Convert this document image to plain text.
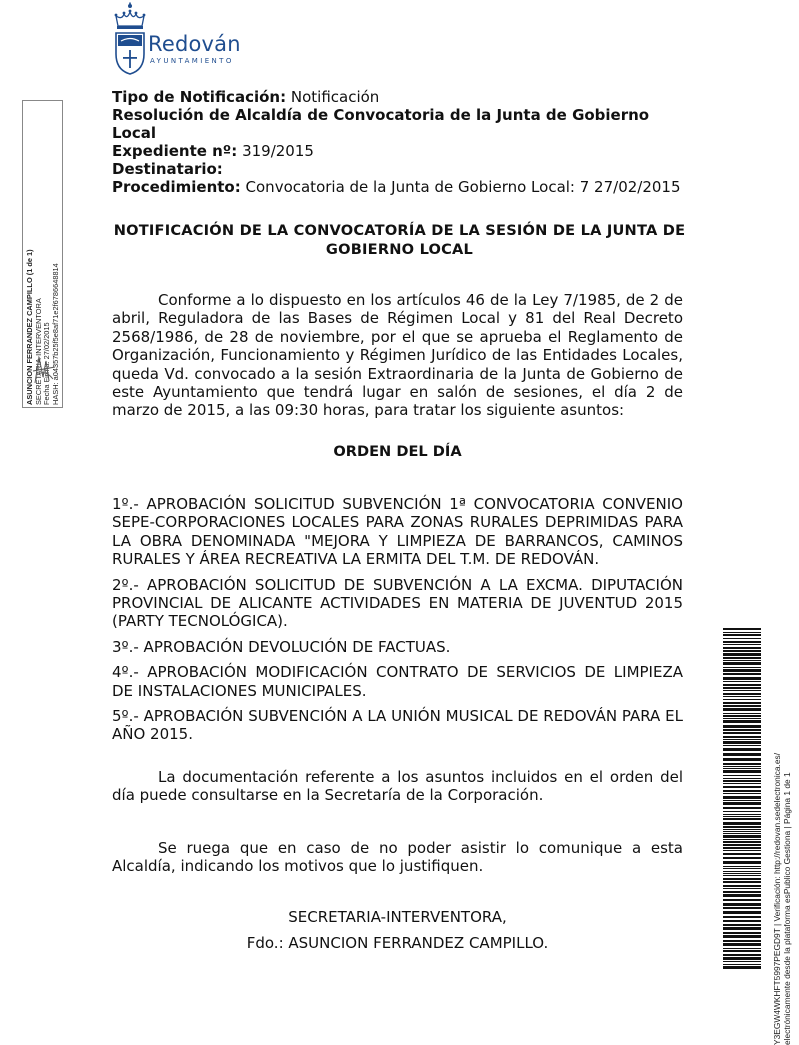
Redován
AYUNTAMIENTO
ASUNCION FERRANDEZ CAMPILLO (1 de 1) SECRETARIA-INTERVENTORA Fecha Firma: 27/02/2015 HASH: a04357b25f5e8af71e2f6786648814
Tipo de Notificación: Notificación
Resolución de Alcaldía de Convocatoria de la Junta de Gobierno Local
Expediente nº: 319/2015
Destinatario:
Procedimiento: Convocatoria de la Junta de Gobierno Local: 7 27/02/2015
NOTIFICACIÓN DE LA CONVOCATORÍA DE LA SESIÓN DE LA JUNTA DE GOBIERNO LOCAL
Conforme a lo dispuesto en los artículos 46 de la Ley 7/1985, de 2 de abril, Reguladora de las Bases de Régimen Local y 81 del Real Decreto 2568/1986, de 28 de noviembre, por el que se aprueba el Reglamento de Organización, Funcionamiento y Régimen Jurídico de las Entidades Locales, queda Vd. convocado a la sesión Extraordinaria de la Junta de Gobierno de este Ayuntamiento que tendrá lugar en salón de sesiones, el día 2 de marzo de 2015, a las 09:30 horas, para tratar los siguiente asuntos:
ORDEN DEL DÍA
1º.- APROBACIÓN SOLICITUD SUBVENCIÓN 1ª CONVOCATORIA CONVENIO SEPE-CORPORACIONES LOCALES PARA ZONAS RURALES DEPRIMIDAS PARA LA OBRA DENOMINADA "MEJORA Y LIMPIEZA DE BARRANCOS, CAMINOS RURALES Y ÁREA RECREATIVA LA ERMITA DEL T.M. DE REDOVÁN.
2º.- APROBACIÓN SOLICITUD DE SUBVENCIÓN A LA EXCMA. DIPUTACIÓN PROVINCIAL DE ALICANTE ACTIVIDADES EN MATERIA DE JUVENTUD 2015 (PARTY TECNOLÓGICA).
3º.- APROBACIÓN DEVOLUCIÓN DE FACTUAS.
4º.- APROBACIÓN MODIFICACIÓN CONTRATO DE SERVICIOS DE LIMPIEZA DE INSTALACIONES MUNICIPALES.
5º.- APROBACIÓN SUBVENCIÓN A LA UNIÓN MUSICAL DE REDOVÁN PARA EL AÑO 2015.
La documentación referente a los asuntos incluidos en el orden del día puede consultarse en la Secretaría de la Corporación.
Se ruega que en caso de no poder asistir lo comunique a esta Alcaldía, indicando los motivos que lo justifiquen.
SECRETARIA-INTERVENTORA,
Fdo.: ASUNCION FERRANDEZ CAMPILLO.	Y3EGW4WKHFT5997PEGD9T | Verificación: http://redovan.sedelectronica.es/ electrónicamente desde la plataforma esPublico Gestiona | Página 1 de 1
